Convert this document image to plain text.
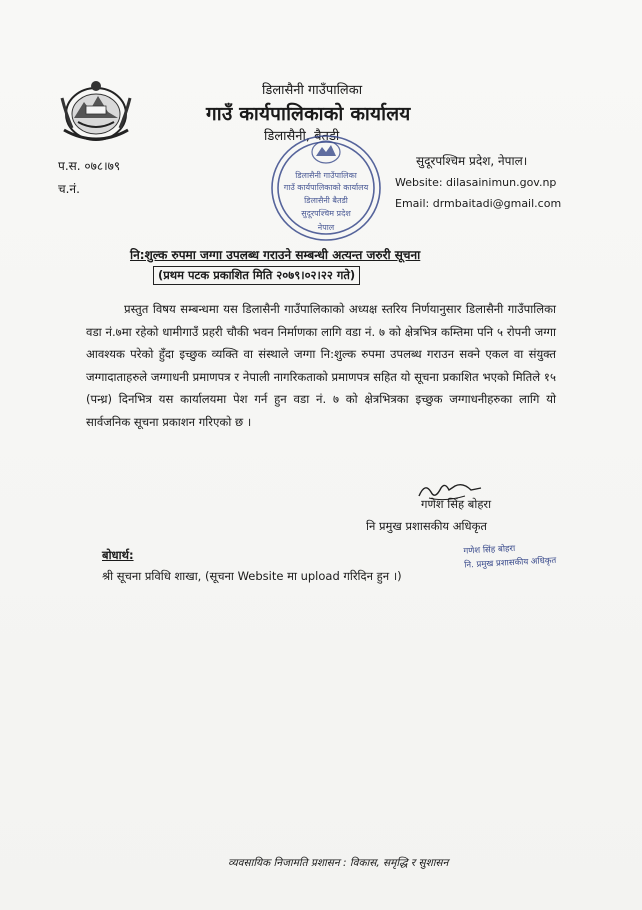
डिलासैनी गाउँपालिका
गाउँ कार्यपालिकाको कार्यालय
डिलासैनी, बैतडी
प.स. ०७८।७९
च.नं.
सुदूरपश्चिम प्रदेश, नेपाल।
Website: dilasainimun.gov.np
Email: drmbaitadi@gmail.com
डिलासैनी गाउँपालिका
गाउँ कार्यपालिकाको कार्यालय
डिलासैनी बैतडी
सुदूरपश्चिम प्रदेश
नेपाल
नि:शुल्क रुपमा जग्गा उपलब्ध गराउने सम्बन्धी अत्यन्त जरुरी सूचना
(प्रथम पटक प्रकाशित मिति २०७९।०२।२२ गते)
प्रस्तुत विषय सम्बन्धमा यस डिलासैनी गाउँपालिकाको अध्यक्ष स्तरिय निर्णयानुसार डिलासैनी गाउँपालिका वडा नं.७मा रहेको धामीगाउँ प्रहरी चौकी भवन निर्माणका लागि वडा नं. ७ को क्षेत्रभित्र कम्तिमा पनि ५ रोपनी जग्गा आवश्यक परेको हुँदा इच्छुक व्यक्ति वा संस्थाले जग्गा नि:शुल्क रुपमा उपलब्ध गराउन सक्ने एकल वा संयुक्त जग्गादाताहरुले जग्गाधनी प्रमाणपत्र र नेपाली नागरिकताको प्रमाणपत्र सहित यो सूचना प्रकाशित भएको मितिले १५ (पन्ध्र) दिनभित्र यस कार्यालयमा पेश गर्न हुन वडा नं. ७ को क्षेत्रभित्रका इच्छुक जग्गाधनीहरुका लागि यो सार्वजनिक सूचना प्रकाशन गरिएको छ ।
गणेश सिंह बोहरा
नि प्रमुख प्रशासकीय अधिकृत
बोधार्थ:
श्री सूचना प्रविधि शाखा, (सूचना Website मा upload गरिदिन हुन ।)
गणेश सिंह बोहरा
नि. प्रमुख प्रशासकीय अधिकृत
व्यवसायिक निजामति प्रशासन : विकास, समृद्धि र सुशासन
